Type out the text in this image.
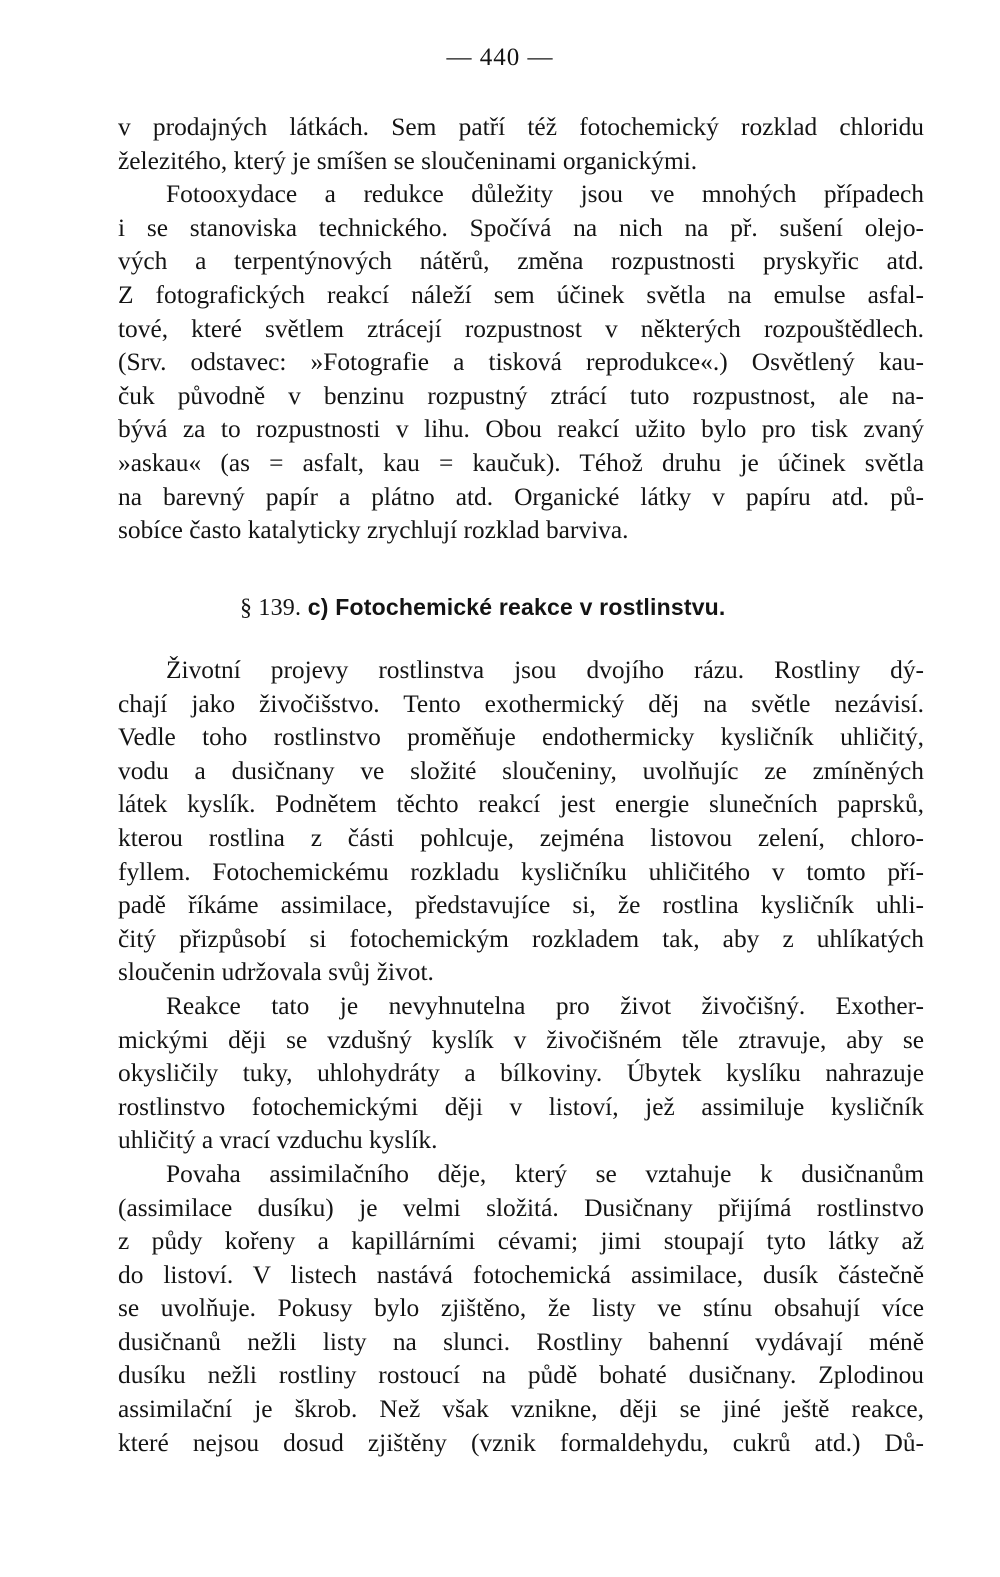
— 440 —

v prodajných látkách. Sem patří též fotochemický rozklad chloridu

železitého, který je smíšen se sloučeninami organickými.

Fotooxydace a redukce důležity jsou ve mnohých případech

i se stanoviska technického. Spočívá na nich na př. sušení olejo-

vých a terpentýnových nátěrů, změna rozpustnosti pryskyřic atd.

Z fotografických reakcí náleží sem účinek světla na emulse asfal-

tové, které světlem ztrácejí rozpustnost v některých rozpouštědlech.

(Srv. odstavec: »Fotografie a tisková reprodukce«.) Osvětlený kau-

čuk původně v benzinu rozpustný ztrácí tuto rozpustnost, ale na-

bývá za to rozpustnosti v lihu. Obou reakcí užito bylo pro tisk zvaný

»askau« (as = asfalt, kau = kaučuk). Téhož druhu je účinek světla

na barevný papír a plátno atd. Organické látky v papíru atd. pů-

sobíce často katalyticky zrychlují rozklad barviva.

§ 139. c) Fotochemické reakce v rostlinstvu.

Životní projevy rostlinstva jsou dvojího rázu. Rostliny dý-

chají jako živočišstvo. Tento exothermický děj na světle nezávisí.

Vedle toho rostlinstvo proměňuje endothermicky kysličník uhličitý,

vodu a dusičnany ve složité sloučeniny, uvolňujíc ze zmíněných

látek kyslík. Podnětem těchto reakcí jest energie slunečních paprsků,

kterou rostlina z části pohlcuje, zejména listovou zelení, chloro-

fyllem. Fotochemickému rozkladu kysličníku uhličitého v tomto pří-

padě říkáme assimilace, představujíce si, že rostlina kysličník uhli-

čitý přizpůsobí si fotochemickým rozkladem tak, aby z uhlíkatých

sloučenin udržovala svůj život.

Reakce tato je nevyhnutelna pro život živočišný. Exother-

mickými ději se vzdušný kyslík v živočišném těle ztravuje, aby se

okysličily tuky, uhlohydráty a bílkoviny. Úbytek kyslíku nahrazuje

rostlinstvo fotochemickými ději v listoví, jež assimiluje kysličník

uhličitý a vrací vzduchu kyslík.

Povaha assimilačního děje, který se vztahuje k dusičnanům

(assimilace dusíku) je velmi složitá. Dusičnany přijímá rostlinstvo

z půdy kořeny a kapillárními cévami; jimi stoupají tyto látky až

do listoví. V listech nastává fotochemická assimilace, dusík částečně

se uvolňuje. Pokusy bylo zjištěno, že listy ve stínu obsahují více

dusičnanů nežli listy na slunci. Rostliny bahenní vydávají méně

dusíku nežli rostliny rostoucí na půdě bohaté dusičnany. Zplodinou

assimilační je škrob. Než však vznikne, ději se jiné ještě reakce,

které nejsou dosud zjištěny (vznik formaldehydu, cukrů atd.) Dů-
